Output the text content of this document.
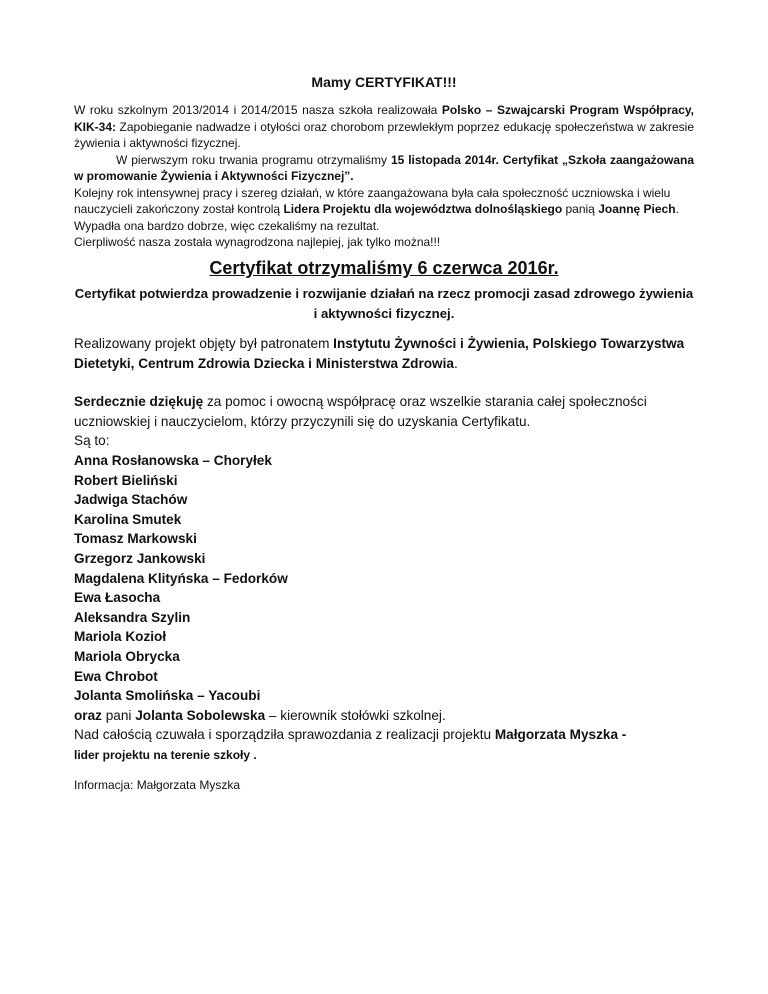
Mamy CERTYFIKAT!!!

W roku szkolnym 2013/2014 i 2014/2015 nasza szkoła realizowała Polsko – Szwajcarski Program Współpracy, KIK-34: Zapobieganie nadwadze i otyłości oraz chorobom przewlekłym poprzez edukację społeczeństwa w zakresie żywienia i aktywności fizycznej.

W pierwszym roku trwania programu otrzymaliśmy 15 listopada 2014r. Certyfikat „Szkoła zaangażowana w promowanie Żywienia i Aktywności Fizycznej”.

Kolejny rok intensywnej pracy i szereg działań, w które zaangażowana była cała społeczność uczniowska i wielu nauczycieli zakończony został kontrolą Lidera Projektu dla województwa dolnośląskiego panią Joannę Piech. Wypadła ona bardzo dobrze, więc czekaliśmy na rezultat.

Cierpliwość nasza została wynagrodzona najlepiej, jak tylko można!!!

Certyfikat otrzymaliśmy 6 czerwca 2016r.
Certyfikat potwierdza prowadzenie i rozwijanie działań na rzecz promocji zasad zdrowego żywienia i aktywności fizycznej.

Realizowany projekt objęty był patronatem Instytutu Żywności i Żywienia, Polskiego Towarzystwa Dietetyki, Centrum Zdrowia Dziecka i Ministerstwa Zdrowia.

Serdecznie dziękuję za pomoc i owocną współpracę oraz wszelkie starania całej społeczności uczniowskiej i nauczycielom, którzy przyczynili się do uzyskania Certyfikatu.

Są to:

Anna Rosłanowska – Choryłek
Robert Bieliński
Jadwiga Stachów
Karolina Smutek
Tomasz Markowski
Grzegorz Jankowski
Magdalena Klityńska – Fedorków
Ewa Łasocha
Aleksandra Szylin
Mariola Kozioł
Mariola Obrycka
Ewa Chrobot
Jolanta Smolińska – Yacoubi

oraz pani Jolanta Sobolewska – kierownik stołówki szkolnej.

Nad całością czuwała i sporządziła sprawozdania z realizacji projektu Małgorzata Myszka -

lider projektu na terenie szkoły .

Informacja: Małgorzata Myszka
